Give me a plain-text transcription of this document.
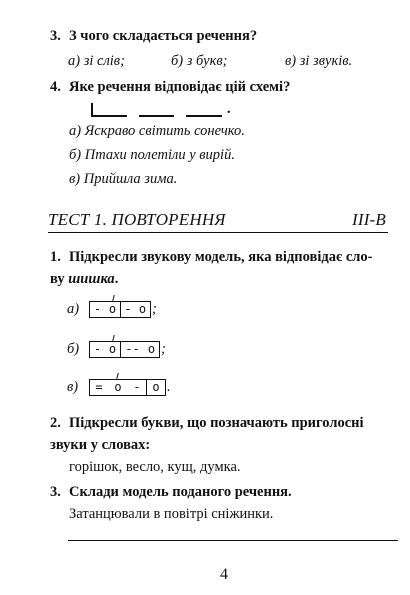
3. З чого складається речення?
а) зі слів;	б) з букв;	в) зі звуків.
4. Яке речення відповідає цій схемі?
.
а) Яскраво світить сонечко.
б) Птахи полетіли у вирій.
в) Прийшла зима.
ТЕСТ 1. ПОВТОРЕННЯ	ІІІ-В
1. Підкресли звукову модель, яка відповідає сло-
ву шишка.
а)	- о - о ;
б)	- о -- о ;
в)	= о - о .
2. Підкресли букви, що позначають приголосні
звуки у словах:
горішок, весло, кущ, думка.
3. Склади модель поданого речення.
Затанцювали в повітрі сніжинки.
4
